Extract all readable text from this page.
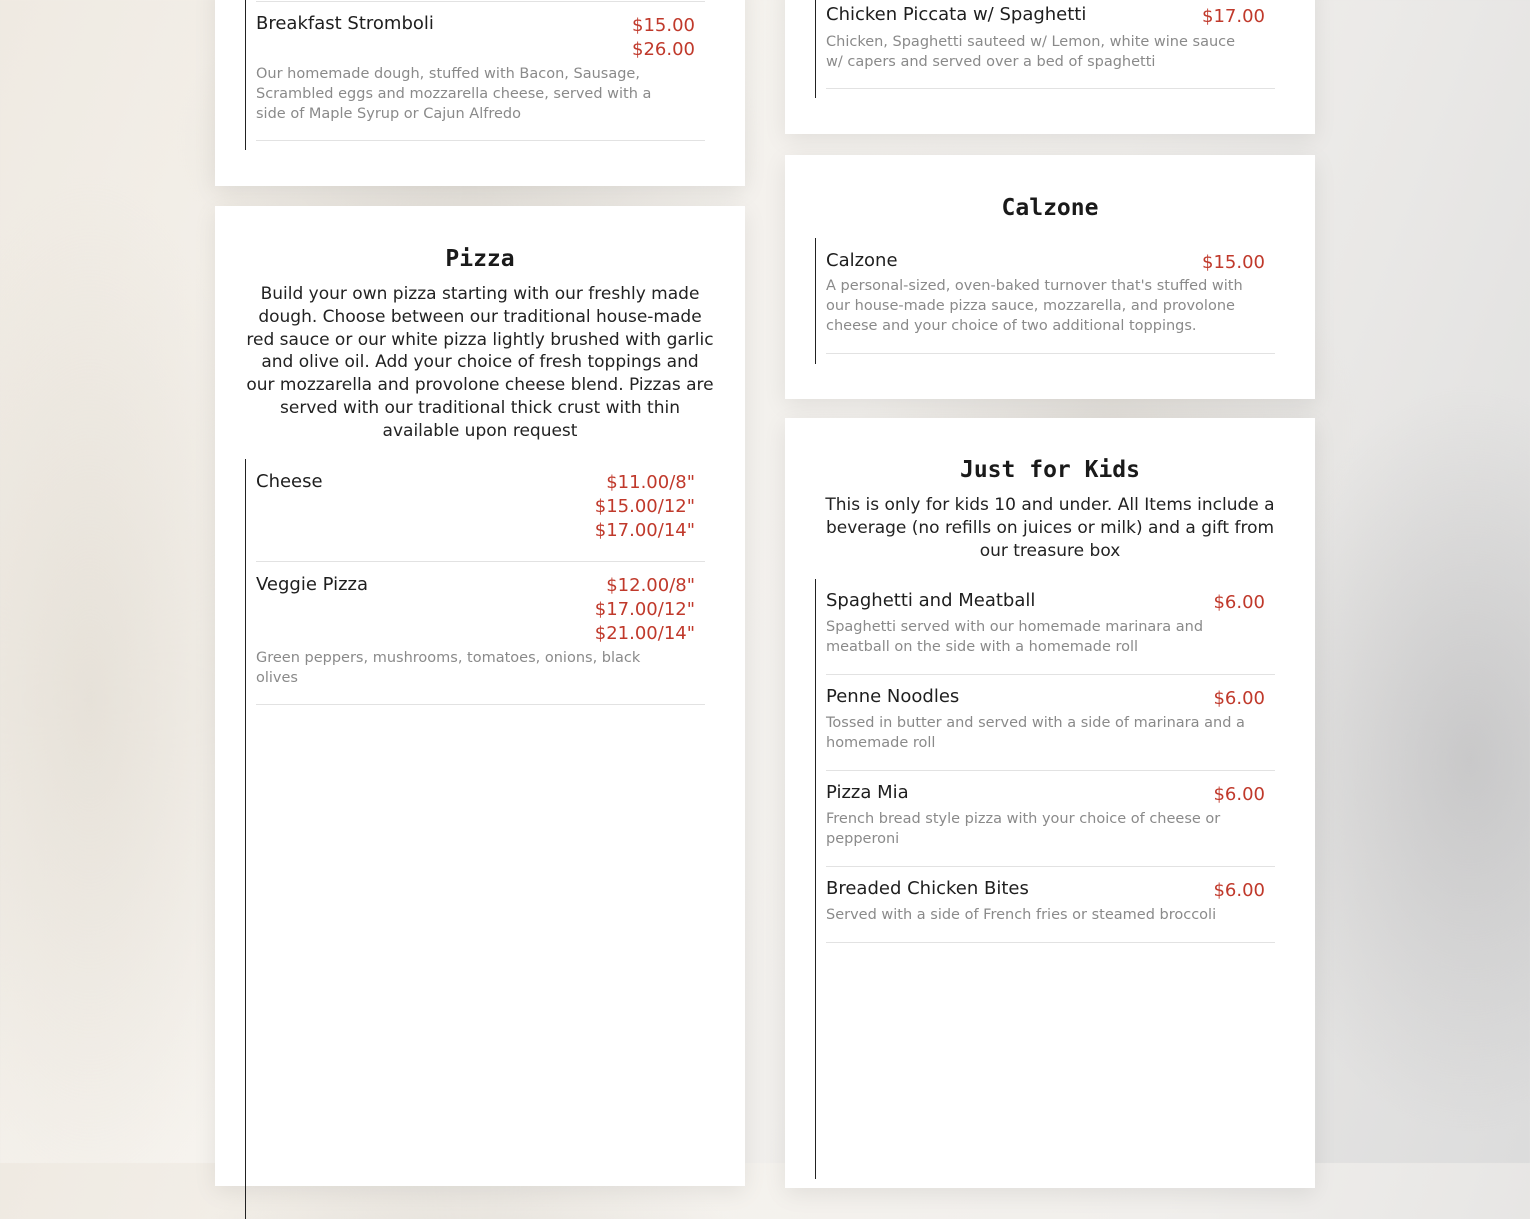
Breakfast Stromboli	$15.00
$26.00
Our homemade dough, stuffed with Bacon, Sausage, Scrambled eggs and mozzarella cheese, served with a side of Maple Syrup or Cajun Alfredo
Pizza

Build your own pizza starting with our freshly made dough. Choose between our traditional house-made red sauce or our white pizza lightly brushed with garlic and olive oil. Add your choice of fresh toppings and our mozzarella and provolone cheese blend. Pizzas are served with our traditional thick crust with thin available upon request

Cheese	$11.00/8"
$15.00/12"
$17.00/14"
Veggie Pizza	$12.00/8"
$17.00/12"
$21.00/14"
Green peppers, mushrooms, tomatoes, onions, black olives
Chicken Piccata w/ Spaghetti	$17.00
Chicken, Spaghetti sauteed w/ Lemon, white wine sauce w/ capers and served over a bed of spaghetti
Calzone
Calzone	$15.00
A personal-sized, oven-baked turnover that's stuffed with our house-made pizza sauce, mozzarella, and provolone cheese and your choice of two additional toppings.
Just for Kids

This is only for kids 10 and under. All Items include a beverage (no refills on juices or milk) and a gift from our treasure box

Spaghetti and Meatball	$6.00
Spaghetti served with our homemade marinara and meatball on the side with a homemade roll
Penne Noodles	$6.00
Tossed in butter and served with a side of marinara and a homemade roll
Pizza Mia	$6.00
French bread style pizza with your choice of cheese or pepperoni
Breaded Chicken Bites	$6.00
Served with a side of French fries or steamed broccoli
